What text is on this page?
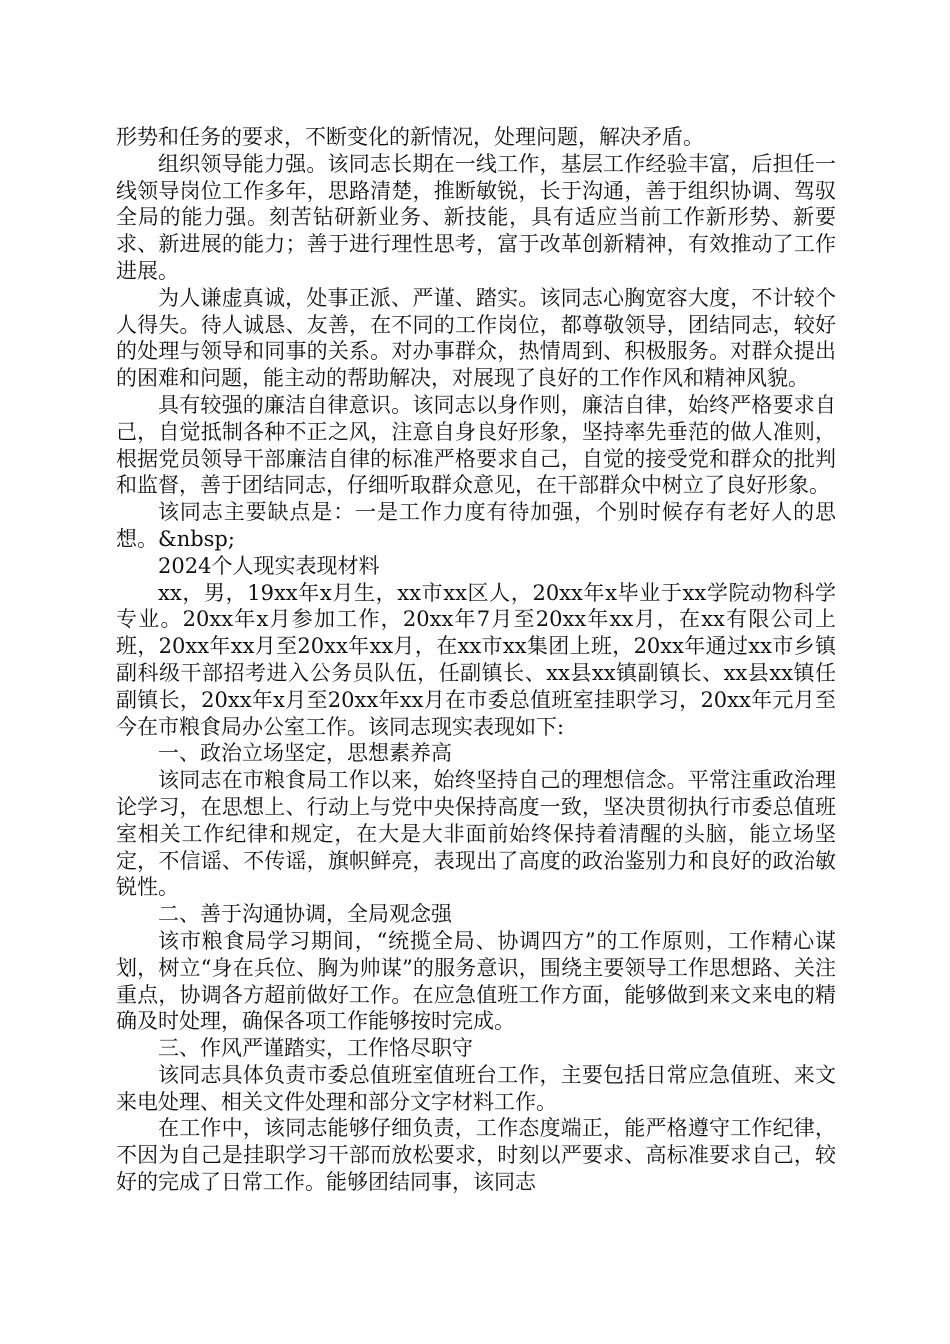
形势和任务的要求，不断变化的新情况，处理问题，解决矛盾。

组织领导能力强。该同志长期在一线工作，基层工作经验丰富，后担任一线领导岗位工作多年，思路清楚，推断敏锐，长于沟通，善于组织协调、驾驭全局的能力强。刻苦钻研新业务、新技能，具有适应当前工作新形势、新要求、新进展的能力；善于进行理性思考，富于改革创新精神，有效推动了工作进展。

为人谦虚真诚，处事正派、严谨、踏实。该同志心胸宽容大度，不计较个人得失。待人诚恳、友善，在不同的工作岗位，都尊敬领导，团结同志，较好的处理与领导和同事的关系。对办事群众，热情周到、积极服务。对群众提出的困难和问题，能主动的帮助解决，对展现了良好的工作作风和精神风貌。

具有较强的廉洁自律意识。该同志以身作则，廉洁自律，始终严格要求自己，自觉抵制各种不正之风，注意自身良好形象，坚持率先垂范的做人准则，根据党员领导干部廉洁自律的标准严格要求自己，自觉的接受党和群众的批判和监督，善于团结同志，仔细听取群众意见，在干部群众中树立了良好形象。

该同志主要缺点是：一是工作力度有待加强，个别时候存有老好人的思想。&nbsp;

2024个人现实表现材料

xx，男，19xx年x月生，xx市xx区人，20xx年x毕业于xx学院动物科学专业。20xx年x月参加工作，20xx年7月至20xx年xx月，在xx有限公司上班，20xx年xx月至20xx年xx月，在xx市xx集团上班，20xx年通过xx市乡镇副科级干部招考进入公务员队伍，任副镇长、xx县xx镇副镇长、xx县xx镇任副镇长，20xx年x月至20xx年xx月在市委总值班室挂职学习，20xx年元月至今在市粮食局办公室工作。该同志现实表现如下:

一、政治立场坚定，思想素养高

该同志在市粮食局工作以来，始终坚持自己的理想信念。平常注重政治理论学习，在思想上、行动上与党中央保持高度一致，坚决贯彻执行市委总值班室相关工作纪律和规定，在大是大非面前始终保持着清醒的头脑，能立场坚定，不信谣、不传谣，旗帜鲜亮，表现出了高度的政治鉴别力和良好的政治敏锐性。

二、善于沟通协调，全局观念强

该市粮食局学习期间，“统揽全局、协调四方”的工作原则，工作精心谋划，树立“身在兵位、胸为帅谋”的服务意识，围绕主要领导工作思想路、关注重点，协调各方超前做好工作。在应急值班工作方面，能够做到来文来电的精确及时处理，确保各项工作能够按时完成。

三、作风严谨踏实，工作恪尽职守

该同志具体负责市委总值班室值班台工作，主要包括日常应急值班、来文来电处理、相关文件处理和部分文字材料工作。

在工作中，该同志能够仔细负责，工作态度端正，能严格遵守工作纪律，不因为自己是挂职学习干部而放松要求，时刻以严要求、高标准要求自己，较好的完成了日常工作。能够团结同事，该同志
